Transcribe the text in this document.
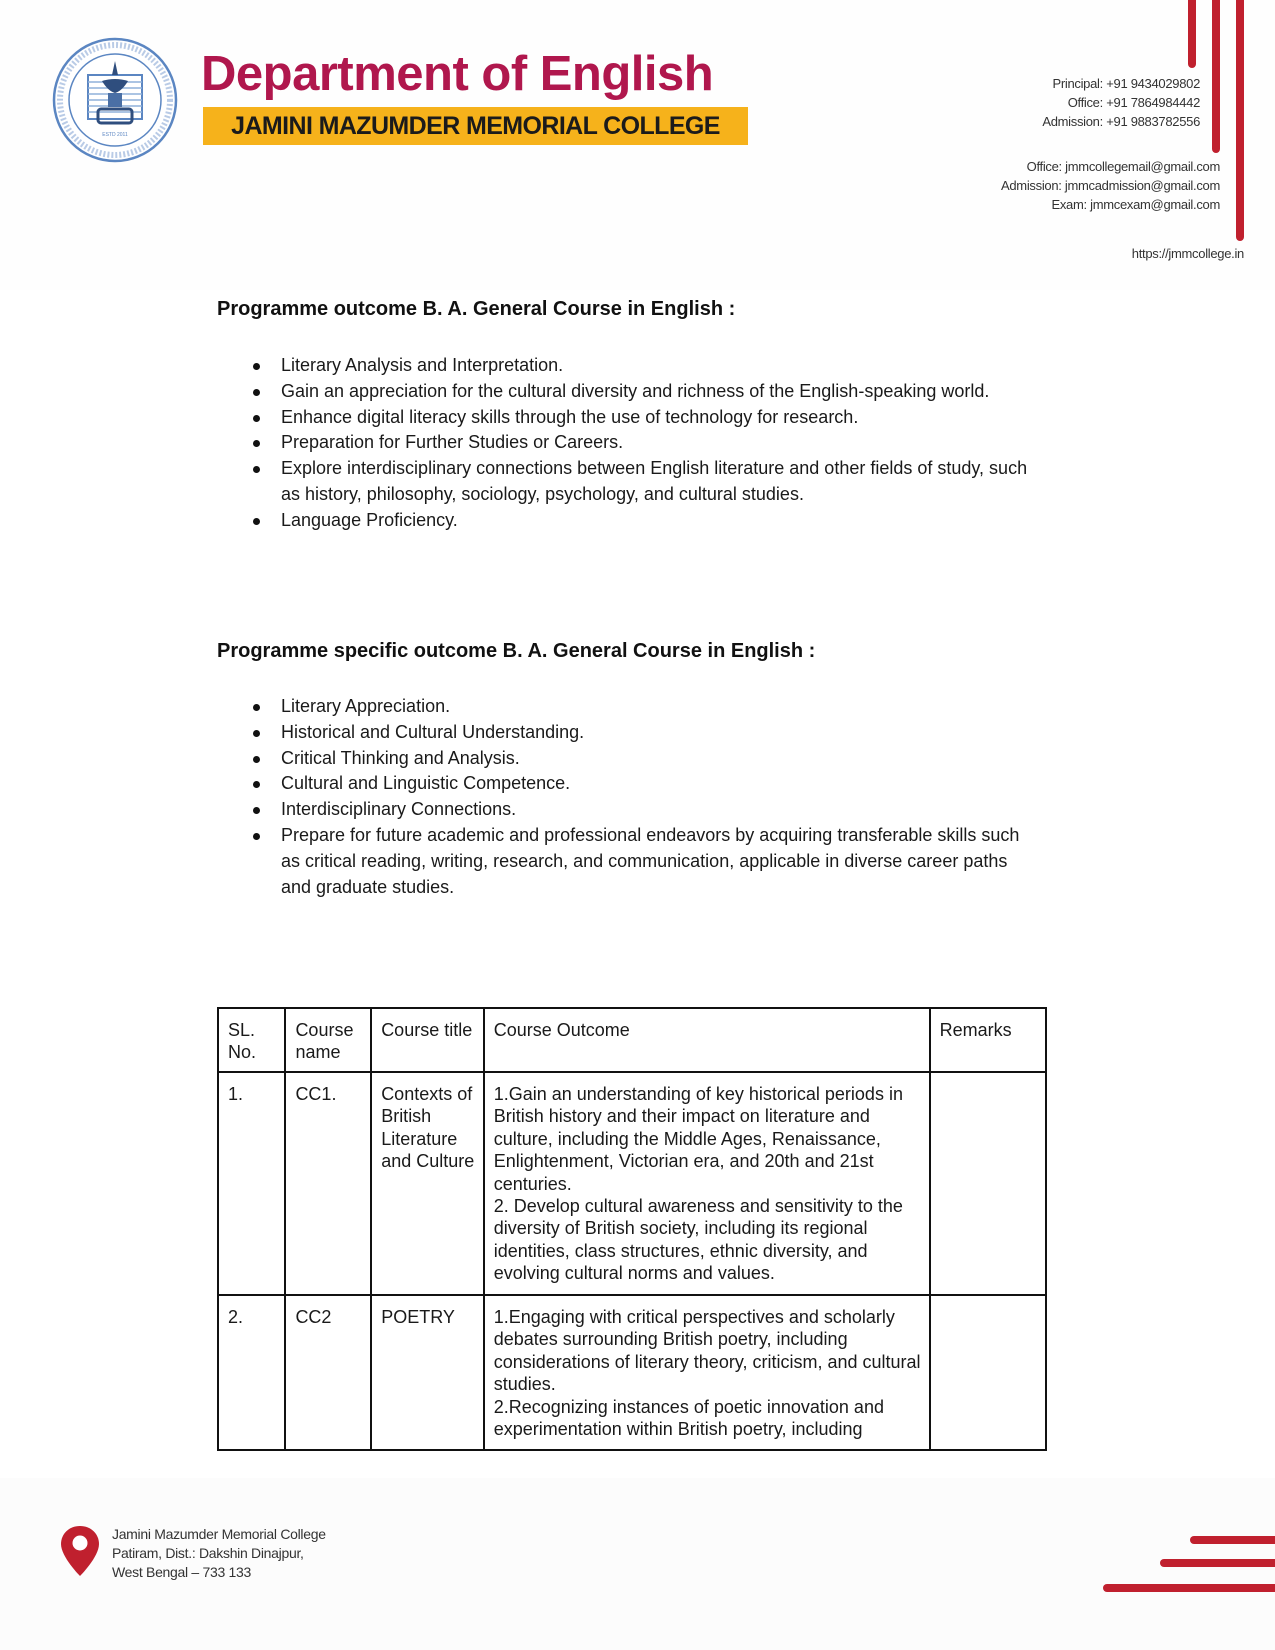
ESTD 2011
Department of English
JAMINI MAZUMDER MEMORIAL COLLEGE
Principal: +91 9434029802
Office: +91 7864984442
Admission: +91 9883782556
Office: jmmcollegemail@gmail.com
Admission: jmmcadmission@gmail.com
Exam: jmmcexam@gmail.com
https://jmmcollege.in
Programme outcome B. A. General Course in English :
Literary Analysis and Interpretation.
Gain an appreciation for the cultural diversity and richness of the English-speaking world.
Enhance digital literacy skills through the use of technology for research.
Preparation for Further Studies or Careers.
Explore interdisciplinary connections between English literature and other fields of study, such as history, philosophy, sociology, psychology, and cultural studies.
Language Proficiency.
Programme specific outcome B. A. General Course in English :
Literary Appreciation.
Historical and Cultural Understanding.
Critical Thinking and Analysis.
Cultural and Linguistic Competence.
Interdisciplinary Connections.
Prepare for future academic and professional endeavors by acquiring transferable skills such as critical reading, writing, research, and communication, applicable in diverse career paths and graduate studies.
SL. No.	Course name	Course title	Course Outcome	Remarks
1.	CC1.	Contexts of British Literature and Culture	1.Gain an understanding of key historical periods in British history and their impact on literature and culture, including the Middle Ages, Renaissance, Enlightenment, Victorian era, and 20th and 21st centuries.
2. Develop cultural awareness and sensitivity to the diversity of British society, including its regional identities, class structures, ethnic diversity, and evolving cultural norms and values.	

2.	CC2	POETRY	1.Engaging with critical perspectives and scholarly debates surrounding British poetry, including considerations of literary theory, criticism, and cultural studies.
2.Recognizing instances of poetic innovation and experimentation within British poetry, including	

Jamini Mazumder Memorial College
Patiram, Dist.: Dakshin Dinajpur,
West Bengal – 733 133
